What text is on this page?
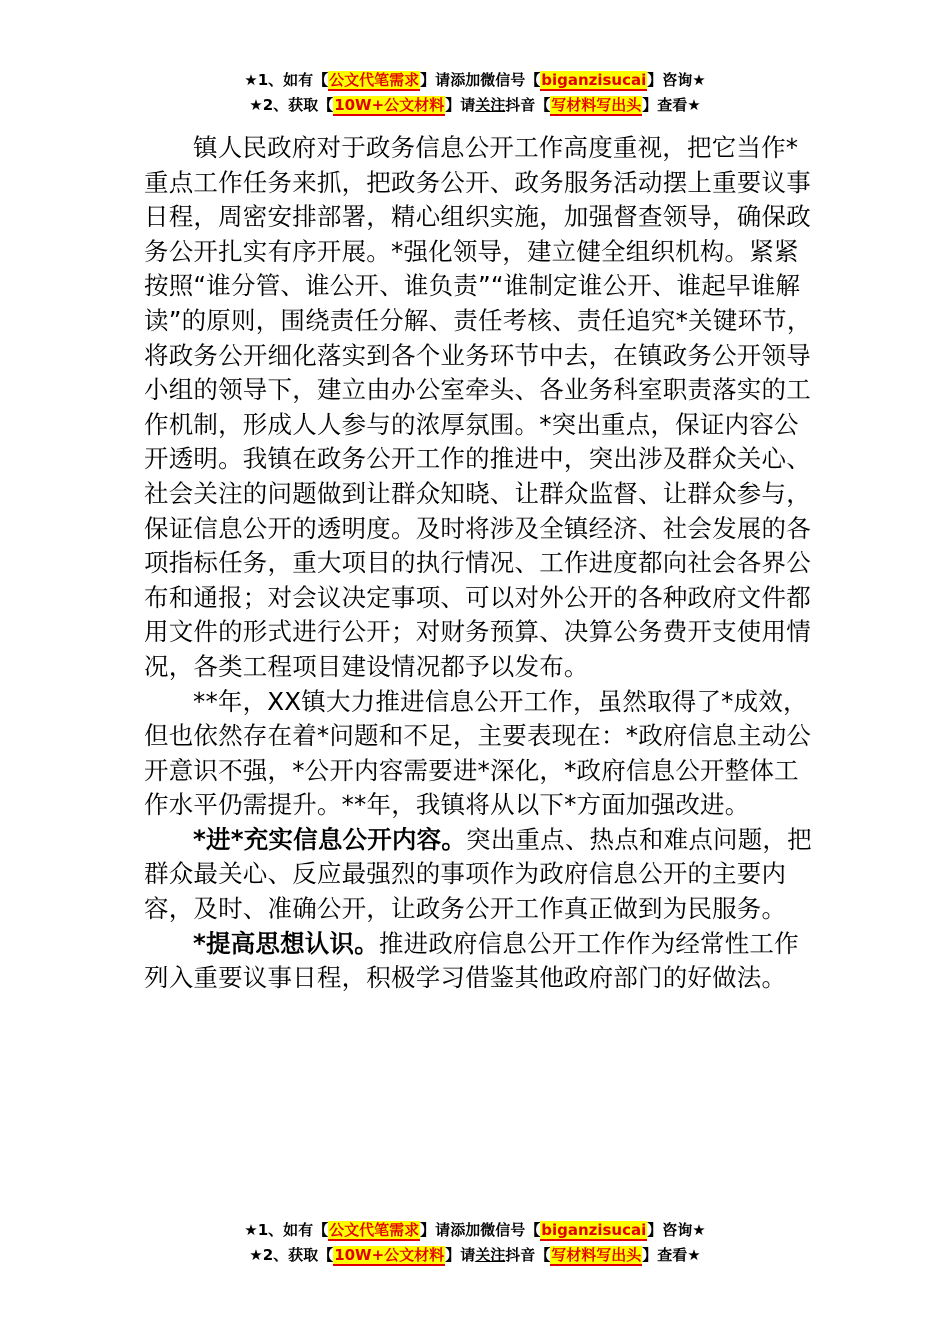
★1、如有【公文代笔需求】请添加微信号【biganzisucai】咨询★
★2、获取【10W+公文材料】请关注抖音【写材料写出头】查看★

镇人民政府对于政务信息公开工作高度重视，把它当作*重点工作任务来抓，把政务公开、政务服务活动摆上重要议事日程，周密安排部署，精心组织实施，加强督查领导，确保政务公开扎实有序开展。*强化领导，建立健全组织机构。紧紧按照“谁分管、谁公开、谁负责”“谁制定谁公开、谁起早谁解读”的原则，围绕责任分解、责任考核、责任追究*关键环节，将政务公开细化落实到各个业务环节中去，在镇政务公开领导小组的领导下，建立由办公室牵头、各业务科室职责落实的工作机制，形成人人参与的浓厚氛围。*突出重点，保证内容公开透明。我镇在政务公开工作的推进中，突出涉及群众关心、社会关注的问题做到让群众知晓、让群众监督、让群众参与，保证信息公开的透明度。及时将涉及全镇经济、社会发展的各项指标任务，重大项目的执行情况、工作进度都向社会各界公布和通报；对会议决定事项、可以对外公开的各种政府文件都用文件的形式进行公开；对财务预算、决算公务费开支使用情况，各类工程项目建设情况都予以发布。

**年，XX镇大力推进信息公开工作，虽然取得了*成效，但也依然存在着*问题和不足，主要表现在：*政府信息主动公开意识不强，*公开内容需要进*深化，*政府信息公开整体工作水平仍需提升。**年，我镇将从以下*方面加强改进。

*进*充实信息公开内容。突出重点、热点和难点问题，把群众最关心、反应最强烈的事项作为政府信息公开的主要内容，及时、准确公开，让政务公开工作真正做到为民服务。

*提高思想认识。推进政府信息公开工作作为经常性工作列入重要议事日程，积极学习借鉴其他政府部门的好做法。

★1、如有【公文代笔需求】请添加微信号【biganzisucai】咨询★
★2、获取【10W+公文材料】请关注抖音【写材料写出头】查看★
